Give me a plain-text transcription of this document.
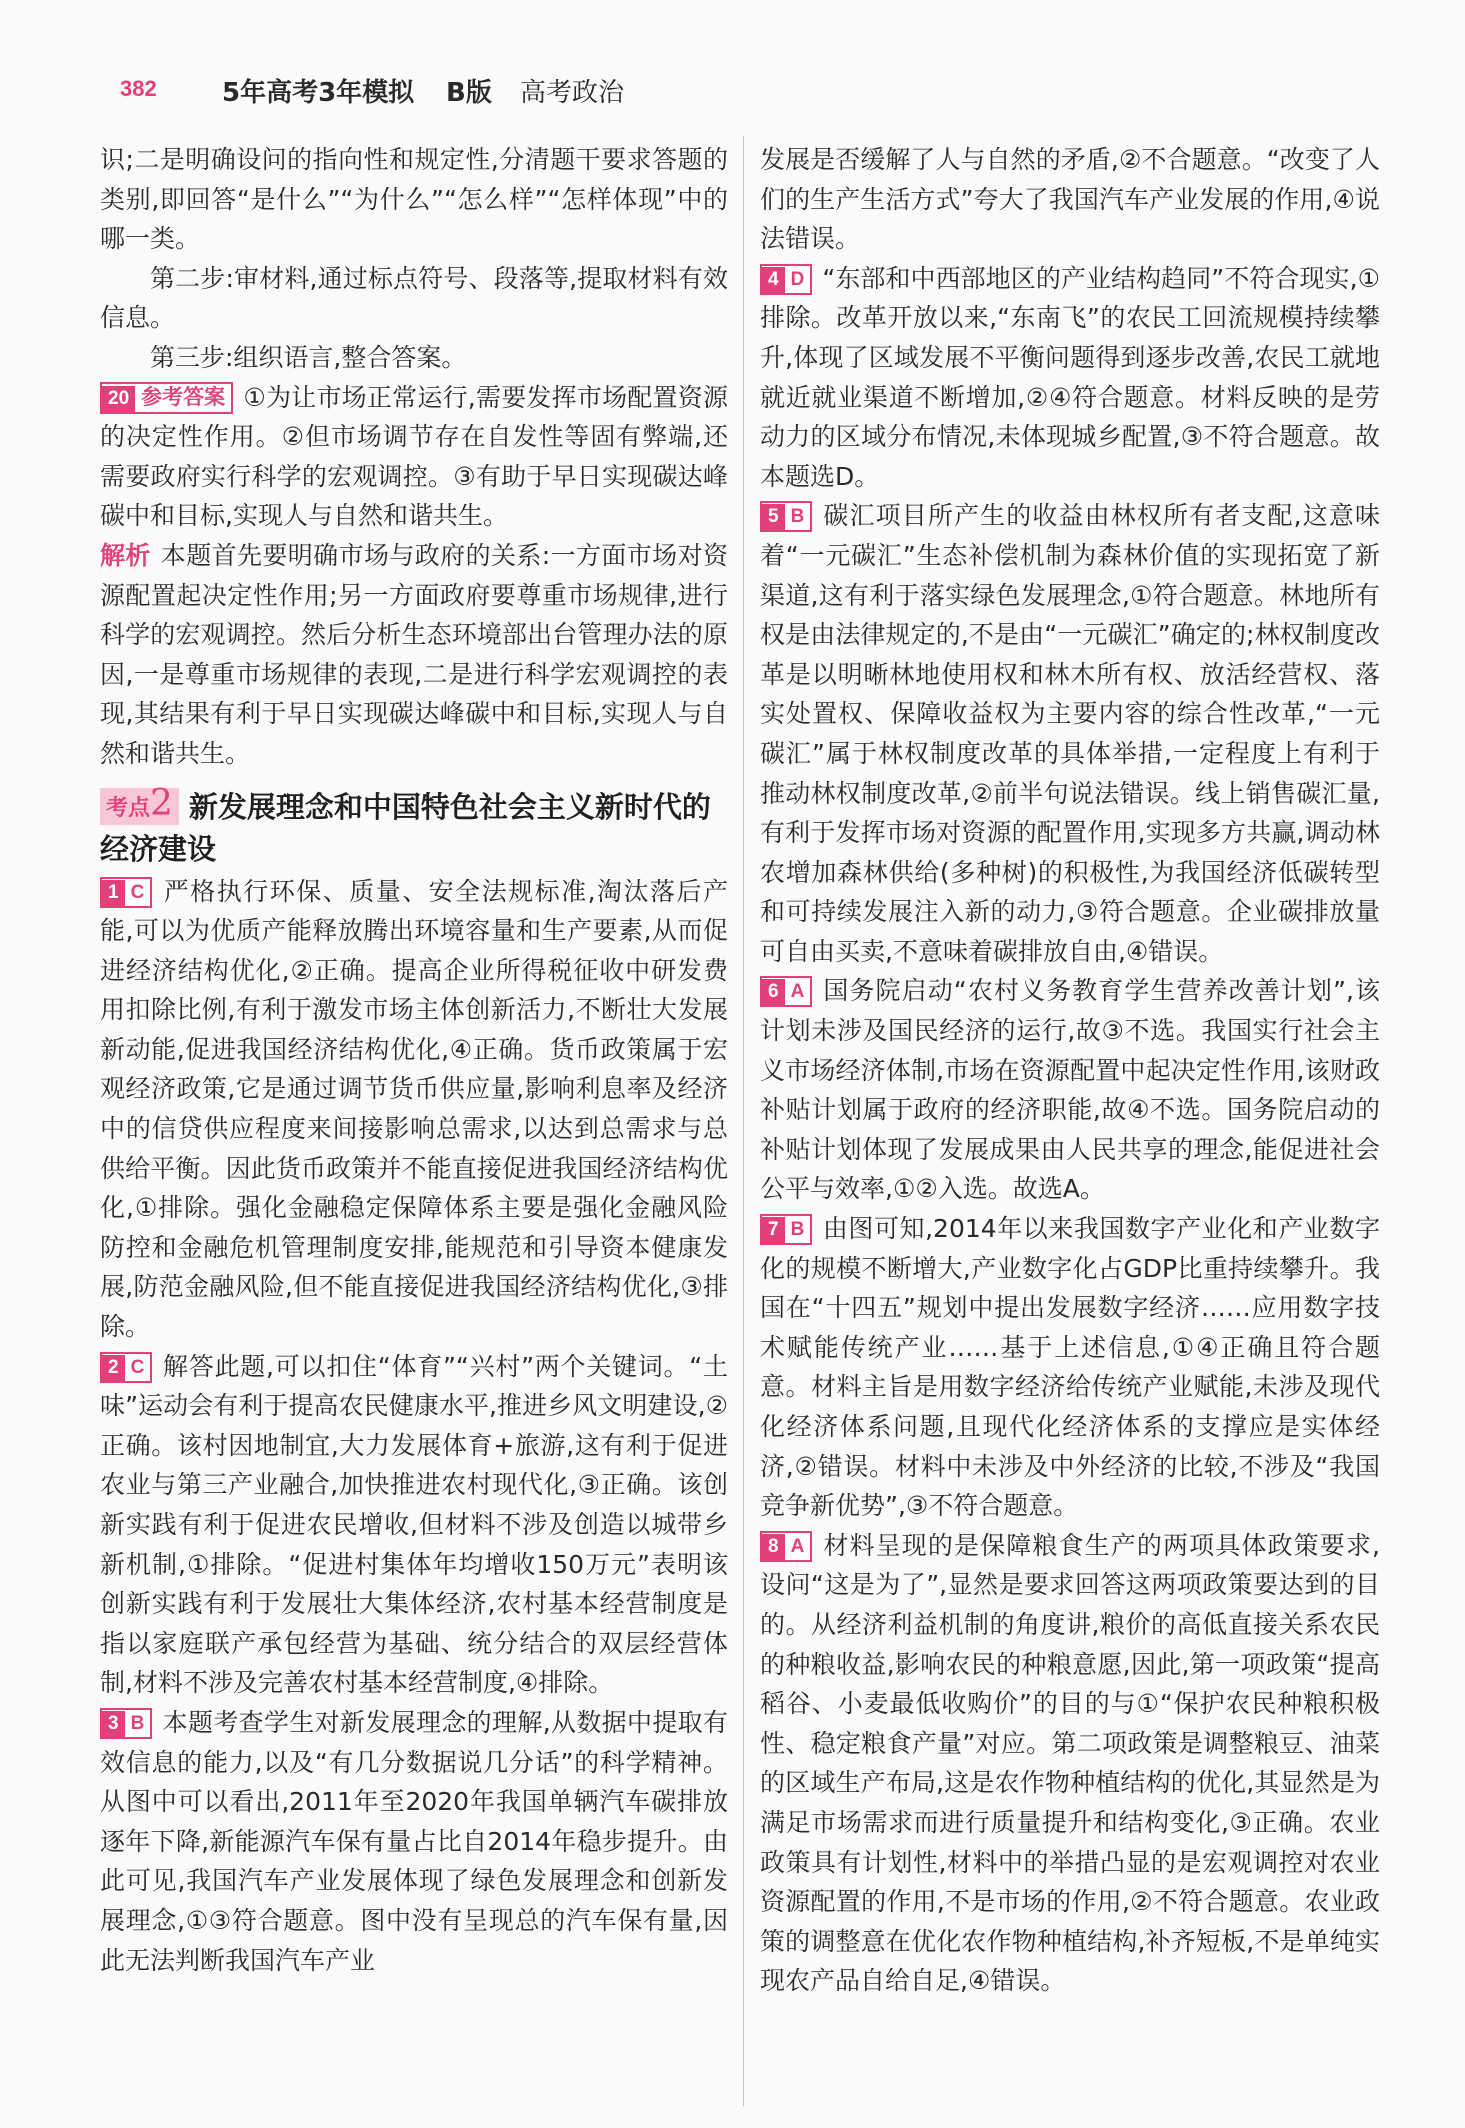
382	5年高考3年模拟 B版 高考政治

识;二是明确设问的指向性和规定性,分清题干要求答题的类别,即回答“是什么”“为什么”“怎么样”“怎样体现”中的哪一类。

第二步:审材料,通过标点符号、段落等,提取材料有效信息。

第三步:组织语言,整合答案。

20 参考答案 ①为让市场正常运行,需要发挥市场配置资源的决定性作用。②但市场调节存在自发性等固有弊端,还需要政府实行科学的宏观调控。③有助于早日实现碳达峰碳中和目标,实现人与自然和谐共生。

解析 本题首先要明确市场与政府的关系:一方面市场对资源配置起决定性作用;另一方面政府要尊重市场规律,进行科学的宏观调控。然后分析生态环境部出台管理办法的原因,一是尊重市场规律的表现,二是进行科学宏观调控的表现,其结果有利于早日实现碳达峰碳中和目标,实现人与自然和谐共生。

考点2 新发展理念和中国特色社会主义新时代的经济建设

1 C 严格执行环保、质量、安全法规标准,淘汰落后产能,可以为优质产能释放腾出环境容量和生产要素,从而促进经济结构优化,②正确。提高企业所得税征收中研发费用扣除比例,有利于激发市场主体创新活力,不断壮大发展新动能,促进我国经济结构优化,④正确。货币政策属于宏观经济政策,它是通过调节货币供应量,影响利息率及经济中的信贷供应程度来间接影响总需求,以达到总需求与总供给平衡。因此货币政策并不能直接促进我国经济结构优化,①排除。强化金融稳定保障体系主要是强化金融风险防控和金融危机管理制度安排,能规范和引导资本健康发展,防范金融风险,但不能直接促进我国经济结构优化,③排除。

2 C 解答此题,可以扣住“体育”“兴村”两个关键词。“土味”运动会有利于提高农民健康水平,推进乡风文明建设,②正确。该村因地制宜,大力发展体育+旅游,这有利于促进农业与第三产业融合,加快推进农村现代化,③正确。该创新实践有利于促进农民增收,但材料不涉及创造以城带乡新机制,①排除。“促进村集体年均增收150万元”表明该创新实践有利于发展壮大集体经济,农村基本经营制度是指以家庭联产承包经营为基础、统分结合的双层经营体制,材料不涉及完善农村基本经营制度,④排除。

3 B 本题考查学生对新发展理念的理解,从数据中提取有效信息的能力,以及“有几分数据说几分话”的科学精神。从图中可以看出,2011年至2020年我国单辆汽车碳排放逐年下降,新能源汽车保有量占比自2014年稳步提升。由此可见,我国汽车产业发展体现了绿色发展理念和创新发展理念,①③符合题意。图中没有呈现总的汽车保有量,因此无法判断我国汽车产业

发展是否缓解了人与自然的矛盾,②不合题意。“改变了人们的生产生活方式”夸大了我国汽车产业发展的作用,④说法错误。

4 D “东部和中西部地区的产业结构趋同”不符合现实,①排除。改革开放以来,“东南飞”的农民工回流规模持续攀升,体现了区域发展不平衡问题得到逐步改善,农民工就地就近就业渠道不断增加,②④符合题意。材料反映的是劳动力的区域分布情况,未体现城乡配置,③不符合题意。故本题选D。

5 B 碳汇项目所产生的收益由林权所有者支配,这意味着“一元碳汇”生态补偿机制为森林价值的实现拓宽了新渠道,这有利于落实绿色发展理念,①符合题意。林地所有权是由法律规定的,不是由“一元碳汇”确定的;林权制度改革是以明晰林地使用权和林木所有权、放活经营权、落实处置权、保障收益权为主要内容的综合性改革,“一元碳汇”属于林权制度改革的具体举措,一定程度上有利于推动林权制度改革,②前半句说法错误。线上销售碳汇量,有利于发挥市场对资源的配置作用,实现多方共赢,调动林农增加森林供给(多种树)的积极性,为我国经济低碳转型和可持续发展注入新的动力,③符合题意。企业碳排放量可自由买卖,不意味着碳排放自由,④错误。

6 A 国务院启动“农村义务教育学生营养改善计划”,该计划未涉及国民经济的运行,故③不选。我国实行社会主义市场经济体制,市场在资源配置中起决定性作用,该财政补贴计划属于政府的经济职能,故④不选。国务院启动的补贴计划体现了发展成果由人民共享的理念,能促进社会公平与效率,①②入选。故选A。

7 B 由图可知,2014年以来我国数字产业化和产业数字化的规模不断增大,产业数字化占GDP比重持续攀升。我国在“十四五”规划中提出发展数字经济……应用数字技术赋能传统产业……基于上述信息,①④正确且符合题意。材料主旨是用数字经济给传统产业赋能,未涉及现代化经济体系问题,且现代化经济体系的支撑应是实体经济,②错误。材料中未涉及中外经济的比较,不涉及“我国竞争新优势”,③不符合题意。

8 A 材料呈现的是保障粮食生产的两项具体政策要求,设问“这是为了”,显然是要求回答这两项政策要达到的目的。从经济利益机制的角度讲,粮价的高低直接关系农民的种粮收益,影响农民的种粮意愿,因此,第一项政策“提高稻谷、小麦最低收购价”的目的与①“保护农民种粮积极性、稳定粮食产量”对应。第二项政策是调整粮豆、油菜的区域生产布局,这是农作物种植结构的优化,其显然是为满足市场需求而进行质量提升和结构变化,③正确。农业政策具有计划性,材料中的举措凸显的是宏观调控对农业资源配置的作用,不是市场的作用,②不符合题意。农业政策的调整意在优化农作物种植结构,补齐短板,不是单纯实现农产品自给自足,④错误。
